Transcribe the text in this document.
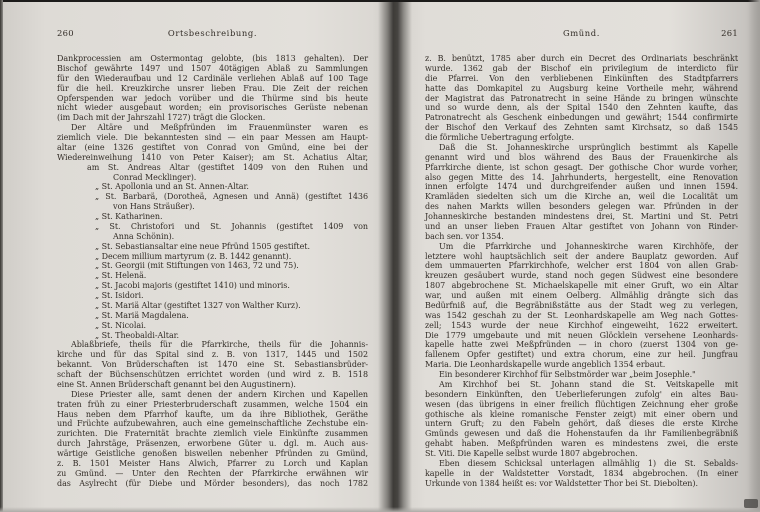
260	Ortsbeschreibung.
Dankprocessien am Ostermontag gelobte, (bis 1813 gehalten). Der
Bischof gewährte 1497 und 1507 40tägigen Ablaß zu Sammlungen
für den Wiederaufbau und 12 Cardinäle verliehen Ablaß auf 100 Tage
für die heil. Kreuzkirche unsrer lieben Frau. Die Zeit der reichen
Opferspenden war jedoch vorüber und die Thürme sind bis heute
nicht wieder ausgebaut worden; ein provisorisches Gerüste nebenan
(im Dach mit der Jahrszahl 1727) trägt die Glocken.
Der Altäre und Meßpfründen im Frauenmünster waren es
ziemlich viele. Die bekanntesten sind — ein paar Messen am Haupt-
altar (eine 1326 gestiftet von Conrad von Gmünd, eine bei der
Wiedereinweihung 1410 von Peter Kaiser); am St. Achatius Altar,
am St. Andreas Altar (gestiftet 1409 von den Ruhen und
Conrad Mecklinger).
„ St. Apollonia und an St. Annen-Altar.
„ St. Barbarä, (Dorotheä, Agnesen und Annä) (gestiftet 1436
von Hans Sträußer).
„ St. Katharinen.
„ St. Christofori und St. Johannis (gestiftet 1409 von
Anna Schönin).
„ St. Sebastiansaltar eine neue Pfründ 1505 gestiftet.
„ Decem millium martyrum (z. B. 1442 genannt).
„ St. Georgii (mit Stiftungen von 1463, 72 und 75).
„ St. Helenä.
„ St. Jacobi majoris (gestiftet 1410) und minoris.
„ St. Isidori.
„ St. Mariä Altar (gestiftet 1327 von Walther Kurz).
„ St. Mariä Magdalena.
„ St. Nicolai.
„ St. Theobaldi-Altar.
Ablaßbriefe, theils für die Pfarrkirche, theils für die Johannis-
kirche und für das Spital sind z. B. von 1317, 1445 und 1502
bekannt. Von Brüderschaften ist 1470 eine St. Sebastiansbrüder-
schaft der Büchsenschützen errichtet worden (und wird z. B. 1518
eine St. Annen Brüderschaft genannt bei den Augustinern).
Diese Priester alle, samt denen der andern Kirchen und Kapellen
traten früh zu einer Priesterbruderschaft zusammen, welche 1504 ein
Haus neben dem Pfarrhof kaufte, um da ihre Bibliothek, Geräthe
und Früchte aufzubewahren, auch eine gemeinschaftliche Zechstube ein-
zurichten. Die Fraternität brachte ziemlich viele Einkünfte zusammen
durch Jahrstäge, Präsenzen, erworbene Güter u. dgl. m. Auch aus-
wärtige Geistliche genoßen bisweilen nebenher Pfründen zu Gmünd,
z. B. 1501 Meister Hans Alwich, Pfarrer zu Lorch und Kaplan
zu Gmünd. — Unter den Rechten der Pfarrkirche erwähnen wir
das Asylrecht (für Diebe und Mörder besonders), das noch 1782
Gmünd.	261
z. B. benützt, 1785 aber durch ein Decret des Ordinariats beschränkt
wurde. 1362 gab der Bischof ein privilegium de interdicto für
die Pfarrei. Von den verbliebenen Einkünften des Stadtpfarrers
hatte das Domkapitel zu Augsburg keine Vortheile mehr, während
der Magistrat das Patronatrecht in seine Hände zu bringen wünschte
und so wurde denn, als der Spital 1540 den Zehnten kaufte, das
Patronatrecht als Geschenk einbedungen und gewährt; 1544 confirmirte
der Bischof den Verkauf des Zehnten samt Kirchsatz, so daß 1545
die förmliche Uebertragung erfolgte.
Daß die St. Johanneskirche ursprünglich bestimmt als Kapelle
genannt wird und blos während des Baus der Frauenkirche als
Pfarrkirche diente, ist schon gesagt. Der gothische Chor wurde vorher,
also gegen Mitte des 14. Jahrhunderts, hergestellt, eine Renovation
innen erfolgte 1474 und durchgreifender außen und innen 1594.
Kramläden siedelten sich um die Kirche an, weil die Localität um
des nahen Markts willen besonders gelegen war. Pfründen in der
Johanneskirche bestanden mindestens drei, St. Martini und St. Petri
und an unser lieben Frauen Altar gestiftet von Johann von Rinder-
bach sen. vor 1354.
Um die Pfarrkirche und Johanneskirche waren Kirchhöfe, der
letztere wohl hauptsächlich seit der andere Bauplatz geworden. Auf
dem ummauerten Pfarrkirchhofe, welcher erst 1804 von allen Grab-
kreuzen gesäubert wurde, stand noch gegen Südwest eine besondere
1807 abgebrochene St. Michaelskapelle mit einer Gruft, wo ein Altar
war, und außen mit einem Oelberg. Allmählig drängte sich das
Bedürfniß auf, die Begräbnißstätte aus der Stadt weg zu verlegen,
was 1542 geschah zu der St. Leonhardskapelle am Weg nach Gottes-
zell; 1543 wurde der neue Kirchhof eingeweiht, 1622 erweitert.
Die 1779 umgebaute und mit neuen Glöcklein versehene Leonhards-
kapelle hatte zwei Meßpfründen — in choro (zuerst 1304 von ge-
fallenem Opfer gestiftet) und extra chorum, eine zur heil. Jungfrau
Maria. Die Leonhardskapelle wurde angeblich 1354 erbaut.
Ein besonderer Kirchhof für Selbstmörder war „beim Josephle."
Am Kirchhof bei St. Johann stand die St. Veitskapelle mit
besondern Einkünften, den Ueberlieferungen zufolg' ein altes Bau-
wesen (das übrigens in einer freilich flüchtigen Zeichnung eher große
gothische als kleine romanische Fenster zeigt) mit einer obern und
untern Gruft; zu den Fabeln gehört, daß dieses die erste Kirche
Gmünds gewesen und daß die Hohenstaufen da ihr Familienbegräbniß
gehabt haben. Meßpfründen waren es mindestens zwei, die erste
St. Viti. Die Kapelle selbst wurde 1807 abgebrochen.
Eben diesem Schicksal unterlagen allmählig 1) die St. Sebalds-
kapelle in der Waldstetter Vorstadt, 1834 abgebrochen. (In einer
Urkunde von 1384 heißt es: vor Waldstetter Thor bei St. Diebolten).
